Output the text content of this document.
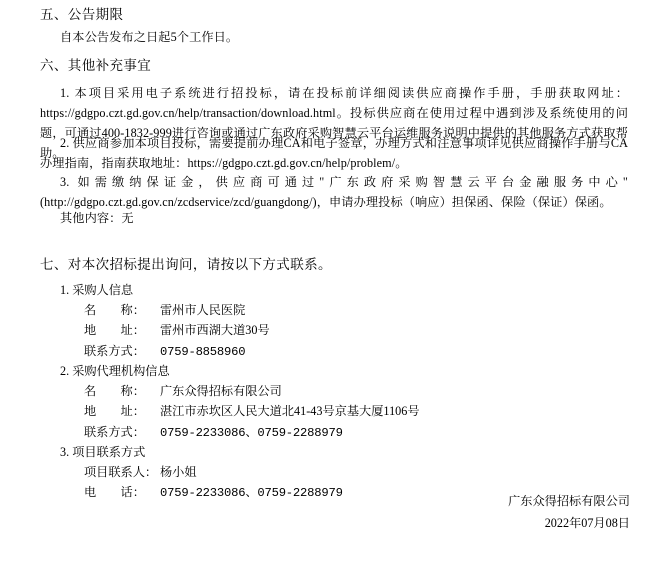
五、公告期限
自本公告发布之日起5个工作日。
六、其他补充事宜
1. 本项目采用电子系统进行招投标，请在投标前详细阅读供应商操作手册，手册获取网址：https://gdgpo.czt.gd.gov.cn/help/transaction/download.html。投标供应商在使用过程中遇到涉及系统使用的问题，可通过400-1832-999进行咨询或通过广东政府采购智慧云平台运维服务说明中提供的其他服务方式获取帮助。
2. 供应商参加本项目投标，需要提前办理CA和电子签章，办理方式和注意事项详见供应商操作手册与CA办理指南，指南获取地址：https://gdgpo.czt.gd.gov.cn/help/problem/。
3. 如需缴纳保证金，供应商可通过"广东政府采购智慧云平台金融服务中心"(http://gdgpo.czt.gd.gov.cn/zcdservice/zcd/guangdong/)，申请办理投标（响应）担保函、保险（保证）保函。
其他内容：无
七、对本次招标提出询问，请按以下方式联系。
1. 采购人信息
名　　称： 雷州市人民医院
地　　址： 雷州市西湖大道30号
联系方式： 0759-8858960
2. 采购代理机构信息
名　　称： 广东众得招标有限公司
地　　址： 湛江市赤坎区人民大道北41-43号京基大厦1106号
联系方式： 0759-2233086、0759-2288979
3. 项目联系方式
项目联系人： 杨小姐
电　　话： 0759-2233086、0759-2288979
广东众得招标有限公司
2022年07月08日
